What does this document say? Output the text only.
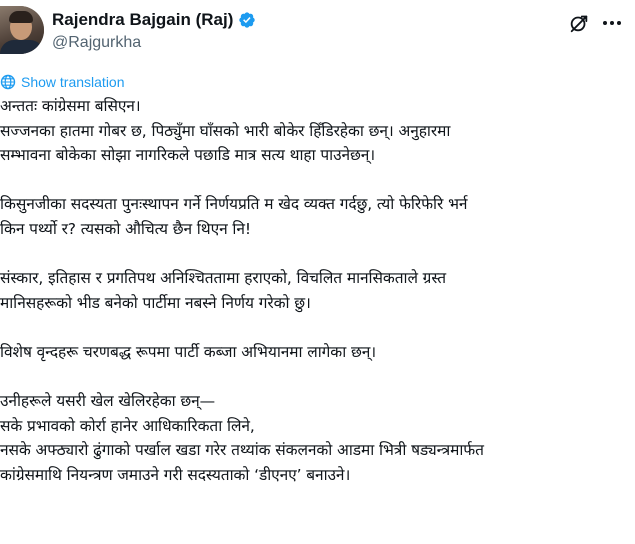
Rajendra Bajgain (Raj)
@Rajgurkha
Show translation
अन्ततः कांग्रेसमा बसिएन।
सज्जनका हातमा गोबर छ, पिठ्युँमा घाँसको भारी बोकेर हिँडिरहेका छन्। अनुहारमा
सम्भावना बोकेका सोझा नागरिकले पछाडि मात्र सत्य थाहा पाउनेछन्।

किसुनजीका सदस्यता पुनःस्थापन गर्ने निर्णयप्रति म खेद व्यक्त गर्दछु, त्यो फेरिफेरि भर्न
किन पर्थ्यो र? त्यसको औचित्य छैन थिएन नि!

संस्कार, इतिहास र प्रगतिपथ अनिश्चिततामा हराएको, विचलित मानसिकताले ग्रस्त
मानिसहरूको भीड बनेको पार्टीमा नबस्ने निर्णय गरेको छु।

विशेष वृन्दहरू चरणबद्ध रूपमा पार्टी कब्जा अभियानमा लागेका छन्।

उनीहरूले यसरी खेल खेलिरहेका छन्—
सके प्रभावको कोर्रा हानेर आधिकारिकता लिने,
नसके अफ्ठ्यारो ढुंगाको पर्खाल खडा गरेर तथ्यांक संकलनको आडमा भित्री षड्यन्त्रमार्फत
कांग्रेसमाथि नियन्त्रण जमाउने गरी सदस्यताको ‘डीएनए’ बनाउने।
